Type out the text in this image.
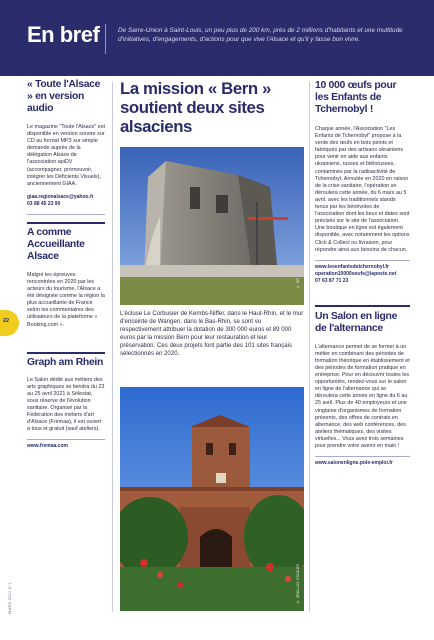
En bref	De Sarre-Union à Saint-Louis, un peu plus de 200 km, près de 2 millions d'habitants et une multitude d'initiatives, d'engagements, d'actions pour que vive l'Alsace et qu'il y fasse bon vivre.
« Toute l'Alsace » en version audio
Le magazine "Toute l'Alsace" est disponible en version sonore sur CD au format MP3 sur simple demande auprès de la délégation Alsace de l'association apiDV (accompagner, promouvoir, intégrer les Déficients Visuels), anciennement GIAA.
giaa.regionalsace@yahoo.fr
03 88 45 23 90
A comme Accueillante Alsace
Malgré les épreuves rencontrées en 2020 par les acteurs du tourisme, l'Alsace a été désignée comme la région la plus accueillante de France selon les commentaires des utilisateurs de la plateforme « Booking.com ».
Graph am Rhein
Le Salon dédié aux métiers des arts graphiques se tiendra du 23 au 25 avril 2021 à Sélestat, sous réserve de l'évolution sanitaire. Organisé par la Fédération des métiers d'art d'Alsace (Frémaa), il est ouvert à tous et gratuit (sauf ateliers).
www.fremaa.com
La mission « Bern » soutient deux sites alsaciens
© DR
L'écluse Le Corbusier de Kembs-Niffer, dans le Haut-Rhin, et le mur d'enceinte de Wangen, dans le Bas-Rhin, se sont vu respectivement attribuer la dotation de 300 000 euros et 89 000 euros par la mission Bern pour leur restauration et leur préservation. Ces deux projets font partie des 101 sites français sélectionnés en 2020.
© JEAN-LUC STADLER
10 000 œufs pour les Enfants de Tchernobyl !
Chaque année, l'Association "Les Enfants de Tchernobyl" propose à la vente des œufs en bois peints et fabriqués par des artisans ukrainiens pour venir en aide aux enfants ukrainiens, russes et biélorusses, contaminés par la radioactivité de Tchernobyl. Annulée en 2020 en raison de la crise sanitaire, l'opération se déroulera cette année, du 6 mars au 5 avril, avec les traditionnels stands tenus par les bénévoles de l'association dont les lieux et dates sont précisés sur le site de l'association. Une boutique en ligne est également disponible, avec notamment les options Click & Collect ou livraison, pour répondre ainsi aux besoins de chacun.
www.lesenfantsdetchernobyl.fr
operation10000oeufs@laposte.net
07 63 87 71 23
Un Salon en ligne de l'alternance
L'alternance permet de se former à un métier en combinant des périodes de formation théorique en établissement et des périodes de formation pratique en entreprise. Pour en découvrir toutes les opportunités, rendez-vous sur le salon en ligne de l'alternance qui se déroulera cette année en ligne du 6 au 25 avril. Plus de 40 employeurs et une vingtaine d'organismes de formation présents, des offres de contrats en alternance, des web conférences, des ateliers thématiques, des visites virtuelles... Vous avez trois semaines pour prendre votre avenir en main !
www.salonenligne.pole-emploi.fr
22
MARS 2021 N°1
